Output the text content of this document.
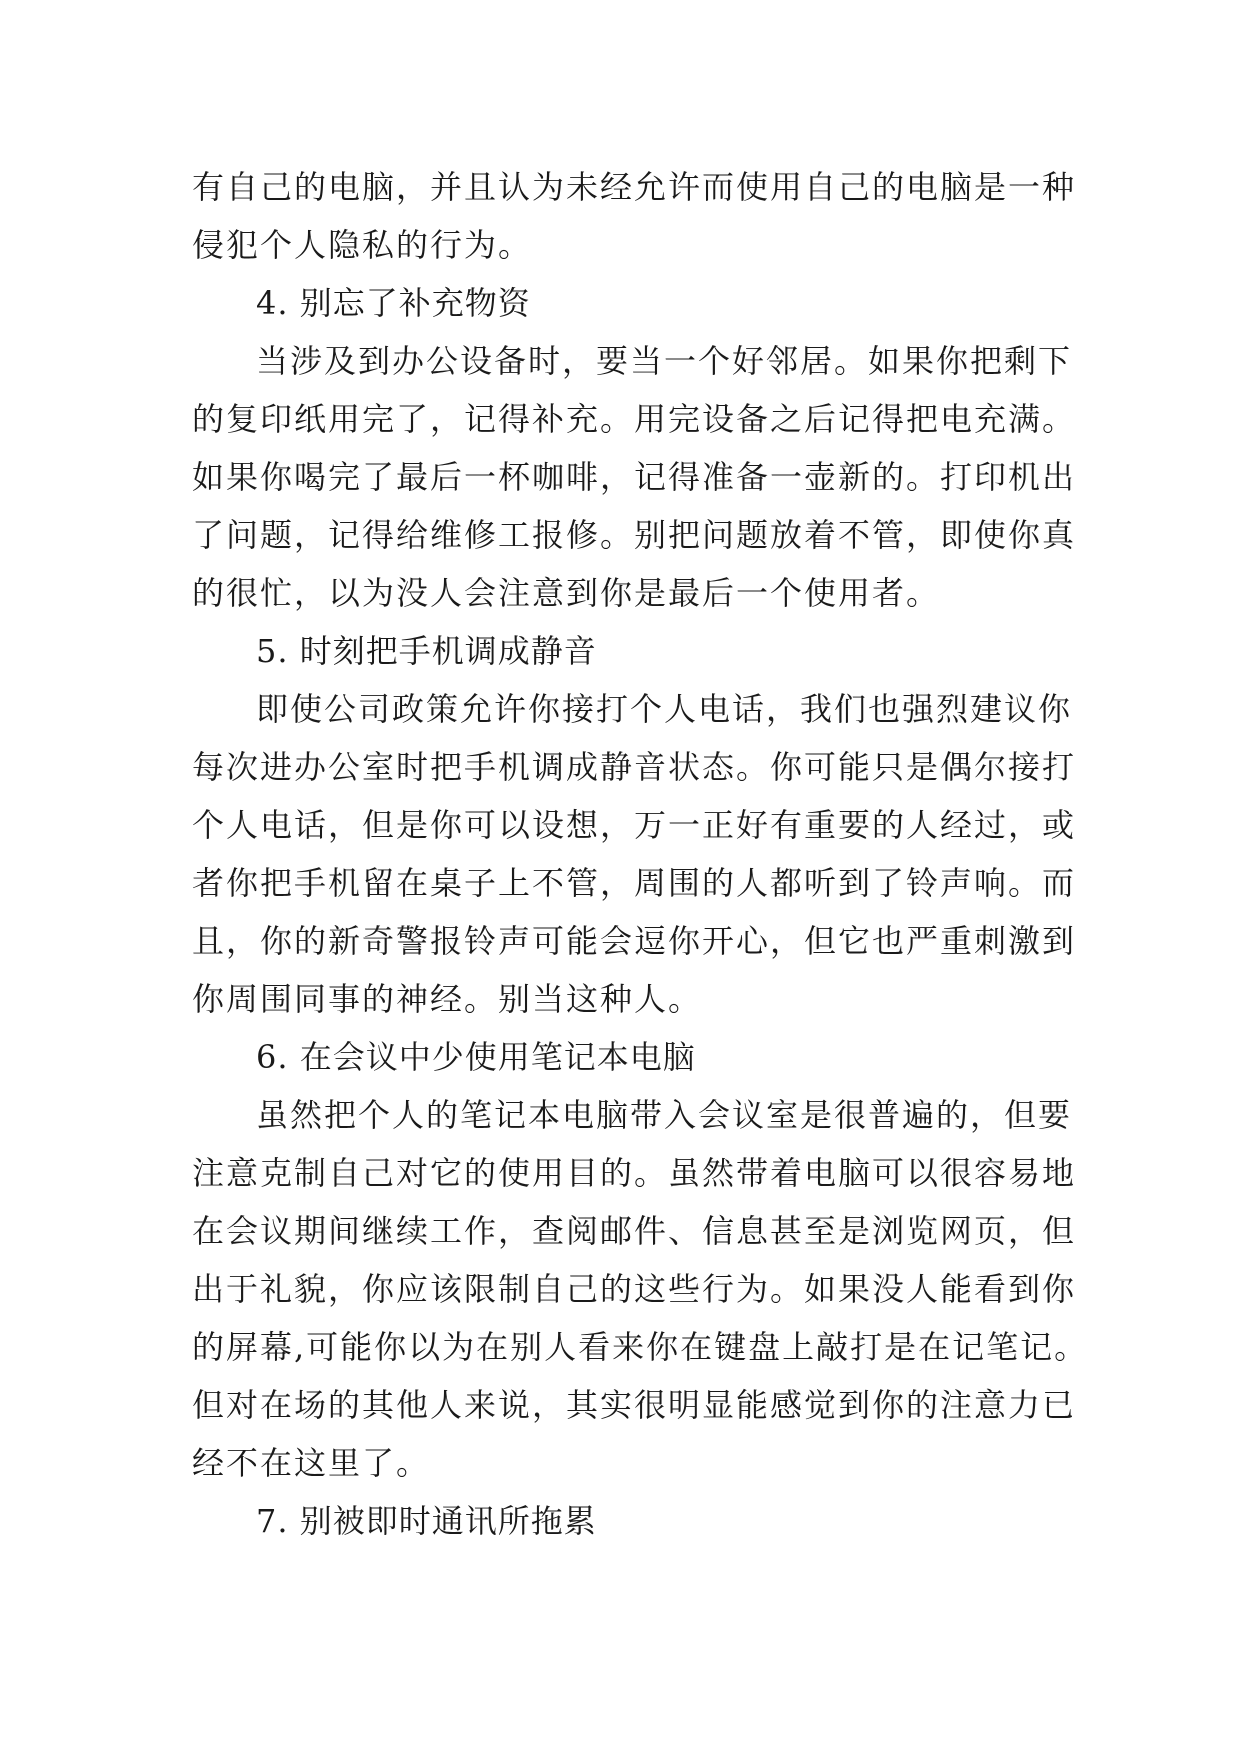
有自己的电脑，并且认为未经允许而使用自己的电脑是一种
侵犯个人隐私的行为。
4. 别忘了补充物资
当涉及到办公设备时，要当一个好邻居。如果你把剩下
的复印纸用完了，记得补充。用完设备之后记得把电充满。
如果你喝完了最后一杯咖啡，记得准备一壶新的。打印机出
了问题，记得给维修工报修。别把问题放着不管，即使你真
的很忙，以为没人会注意到你是最后一个使用者。
5. 时刻把手机调成静音
即使公司政策允许你接打个人电话，我们也强烈建议你
每次进办公室时把手机调成静音状态。你可能只是偶尔接打
个人电话，但是你可以设想，万一正好有重要的人经过，或
者你把手机留在桌子上不管，周围的人都听到了铃声响。而
且，你的新奇警报铃声可能会逗你开心，但它也严重刺激到
你周围同事的神经。别当这种人。
6. 在会议中少使用笔记本电脑
虽然把个人的笔记本电脑带入会议室是很普遍的，但要
注意克制自己对它的使用目的。虽然带着电脑可以很容易地
在会议期间继续工作，查阅邮件、信息甚至是浏览网页，但
出于礼貌，你应该限制自己的这些行为。如果没人能看到你
的屏幕,可能你以为在别人看来你在键盘上敲打是在记笔记。
但对在场的其他人来说，其实很明显能感觉到你的注意力已
经不在这里了。
7. 别被即时通讯所拖累
